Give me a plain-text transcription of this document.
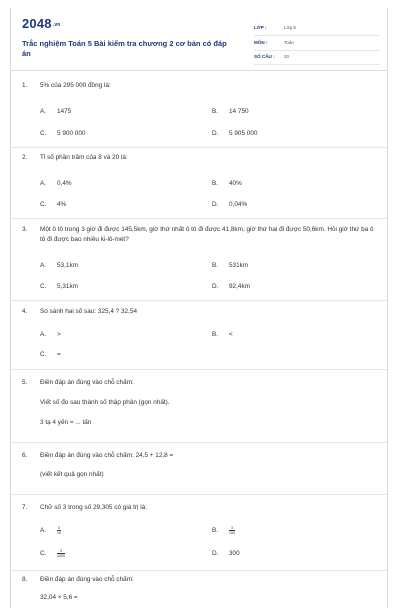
2048.vn
Trắc nghiệm Toán 5 Bài kiểm tra chương 2 cơ bản có đáp án
LỚP :	Lớp 5
MÔN :	Toán
SỐ CÂU : 20
1. 5% của 295 000 đồng là:
A. 1475	B. 14 750
C. 5 900 000	D. 5 905 000
2. Tỉ số phần trăm của 8 và 20 là:
A. 0,4%	B. 40%
C. 4%	D. 0,04%
3. Một ô tô trong 3 giờ đi được 145,5km, giờ thứ nhất ô tô đi được 41,8km, giờ thứ hai đi được 50,6km. Hỏi giờ thứ ba ô tô đi được bao nhiêu ki-lô-mét?
A. 53,1km	B. 531km
C. 5,31km	D. 92,4km
4. So sánh hai số sau: 325,4 ? 32,54
A. >	B. <
C. =
5. Điền đáp án đúng vào chỗ chấm:
Viết số đo sau thành số thập phân (gọn nhất).
3 tạ 4 yến = ... tấn
6. Điền đáp án đúng vào chỗ chấm: 24,5 + 12,8 =
(viết kết quả gọn nhất)
7. Chữ số 3 trong số 29,305 có giá trị là:
A.	$\frac{3}{10}$	B.	$\frac{3}{100}$
C.	$\frac{3}{1000}$	D. 300
8. Điền đáp án đúng vào chỗ chấm:
32,04 × 5,6 =
